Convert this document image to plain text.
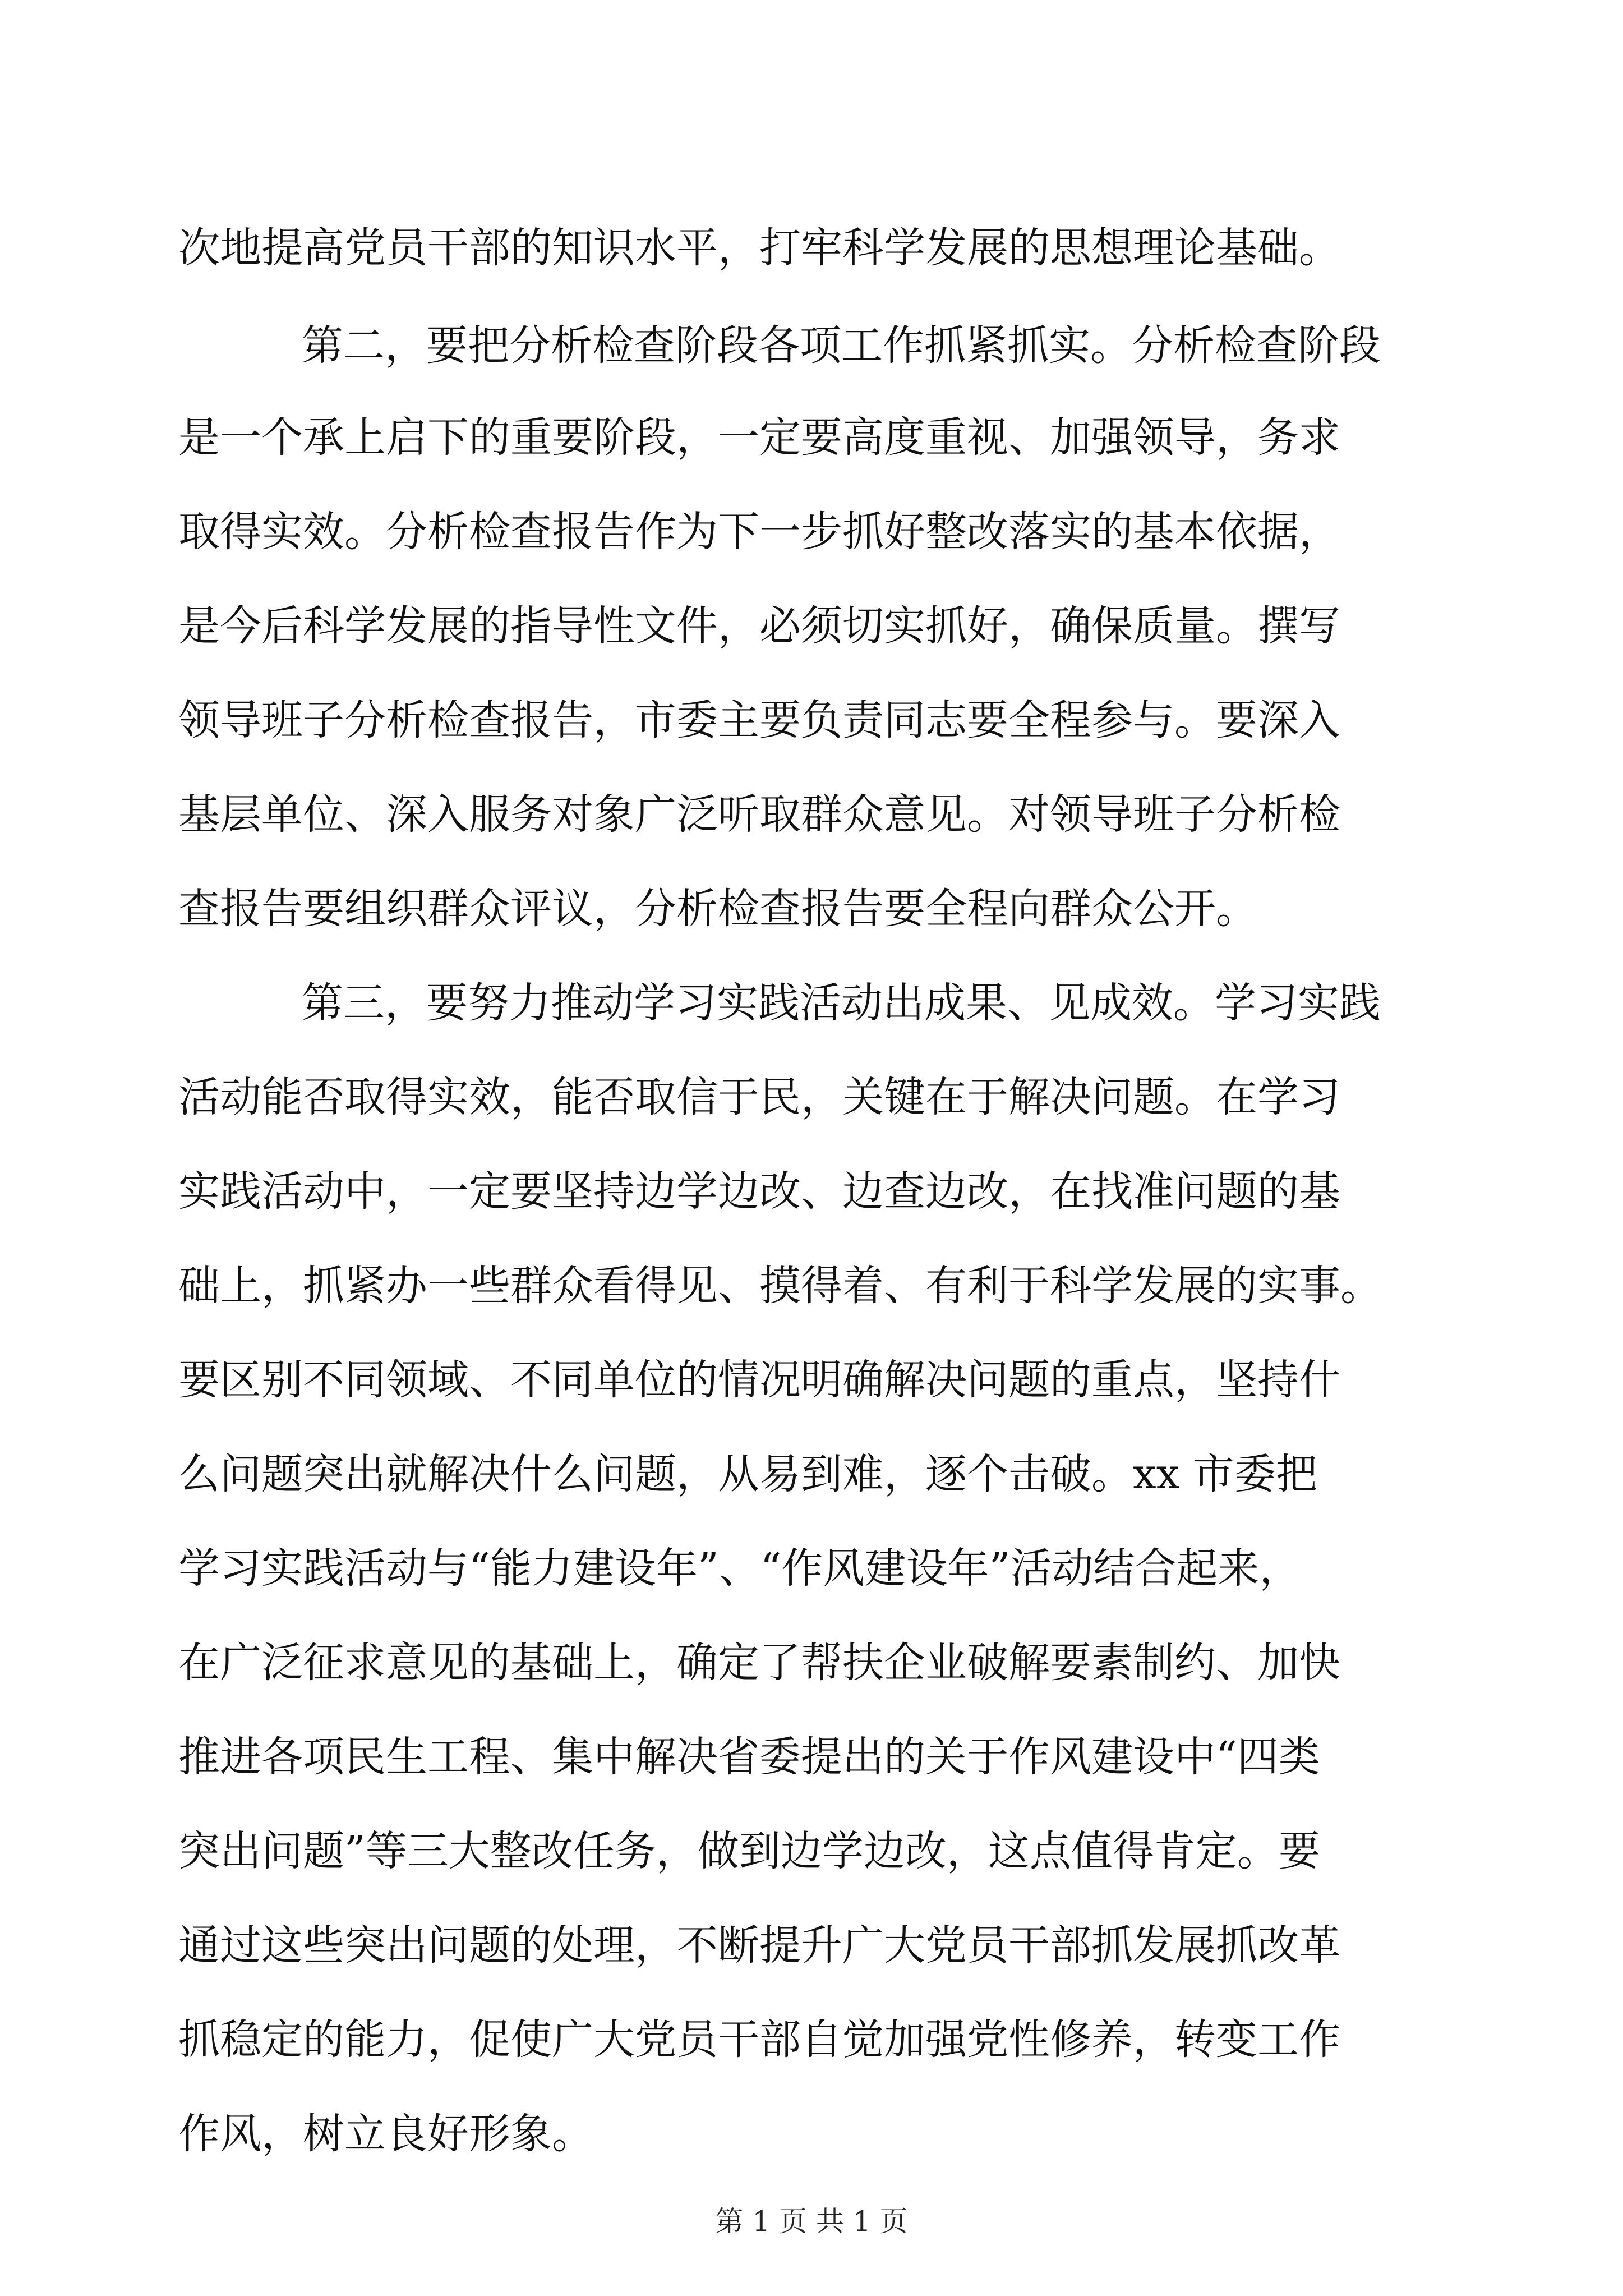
次地提高党员干部的知识水平，打牢科学发展的思想理论基础。
第二，要把分析检查阶段各项工作抓紧抓实。分析检查阶段
是一个承上启下的重要阶段，一定要高度重视、加强领导，务求
取得实效。分析检查报告作为下一步抓好整改落实的基本依据，
是今后科学发展的指导性文件，必须切实抓好，确保质量。撰写
领导班子分析检查报告，市委主要负责同志要全程参与。要深入
基层单位、深入服务对象广泛听取群众意见。对领导班子分析检
查报告要组织群众评议，分析检查报告要全程向群众公开。
第三，要努力推动学习实践活动出成果、见成效。学习实践
活动能否取得实效，能否取信于民，关键在于解决问题。在学习
实践活动中，一定要坚持边学边改、边查边改，在找准问题的基
础上，抓紧办一些群众看得见、摸得着、有利于科学发展的实事。
要区别不同领域、不同单位的情况明确解决问题的重点，坚持什
么问题突出就解决什么问题，从易到难，逐个击破。xx 市委把
学习实践活动与“能力建设年”、“作风建设年”活动结合起来，
在广泛征求意见的基础上，确定了帮扶企业破解要素制约、加快
推进各项民生工程、集中解决省委提出的关于作风建设中“四类
突出问题”等三大整改任务，做到边学边改，这点值得肯定。要
通过这些突出问题的处理，不断提升广大党员干部抓发展抓改革
抓稳定的能力，促使广大党员干部自觉加强党性修养，转变工作
作风，树立良好形象。
第 1 页 共 1 页
